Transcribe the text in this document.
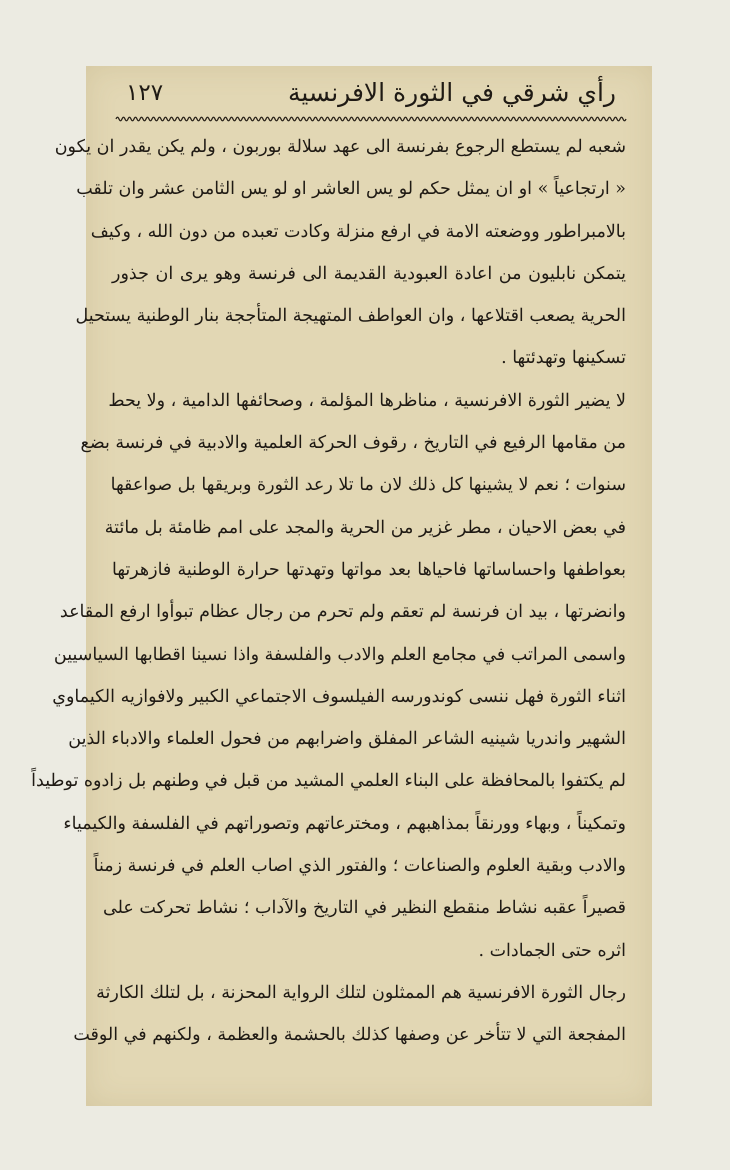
رأي شرقي في الثورة الافرنسية
١٢٧
شعبه لم يستطع الرجوع بفرنسة الى عهد سلالة بوربون ، ولم يكن يقدر ان يكون
« ارتجاعياً » او ان يمثل حكم لو يس العاشر او لو يس الثامن عشر وان تلقب
بالامبراطور ووضعته الامة في ارفع منزلة وكادت تعبده من دون الله ، وكيف
يتمكن نابليون من اعادة العبودية القديمة الى فرنسة وهو يرى ان جذور
الحرية يصعب اقتلاعها ، وان العواطف المتهيجة المتأججة بنار الوطنية يستحيل
تسكينها وتهدئتها .
لا يضير الثورة الافرنسية ، مناظرها المؤلمة ، وصحائفها الدامية ، ولا يحط
من مقامها الرفيع في التاريخ ، رقوف الحركة العلمية والادبية في فرنسة بضع
سنوات ؛ نعم لا يشينها كل ذلك لان ما تلا رعد الثورة وبريقها بل صواعقها
في بعض الاحيان ، مطر غزير من الحرية والمجد على امم ظامئة بل مائتة
بعواطفها واحساساتها فاحياها بعد مواتها وتهدتها حرارة الوطنية فازهرتها
وانضرتها ، بيد ان فرنسة لم تعقم ولم تحرم من رجال عظام تبوأوا ارفع المقاعد
واسمى المراتب في مجامع العلم والادب والفلسفة واذا نسينا اقطابها السياسيين
اثناء الثورة فهل ننسى كوندورسه الفيلسوف الاجتماعي الكبير ولافوازيه الكيماوي
الشهير واندريا شينيه الشاعر المفلق واضرابهم من فحول العلماء والادباء الذين
لم يكتفوا بالمحافظة على البناء العلمي المشيد من قبل في وطنهم بل زادوه توطيداً
وتمكيناً ، وبهاء وورنقاً بمذاهبهم ، ومخترعاتهم وتصوراتهم في الفلسفة والكيمياء
والادب وبقية العلوم والصناعات ؛ والفتور الذي اصاب العلم في فرنسة زمناً
قصيراً عقبه نشاط منقطع النظير في التاريخ والآداب ؛ نشاط تحركت على
اثره حتى الجمادات .
رجال الثورة الافرنسية هم الممثلون لتلك الرواية المحزنة ، بل لتلك الكارثة
المفجعة التي لا تتأخر عن وصفها كذلك بالحشمة والعظمة ، ولكنهم في الوقت
